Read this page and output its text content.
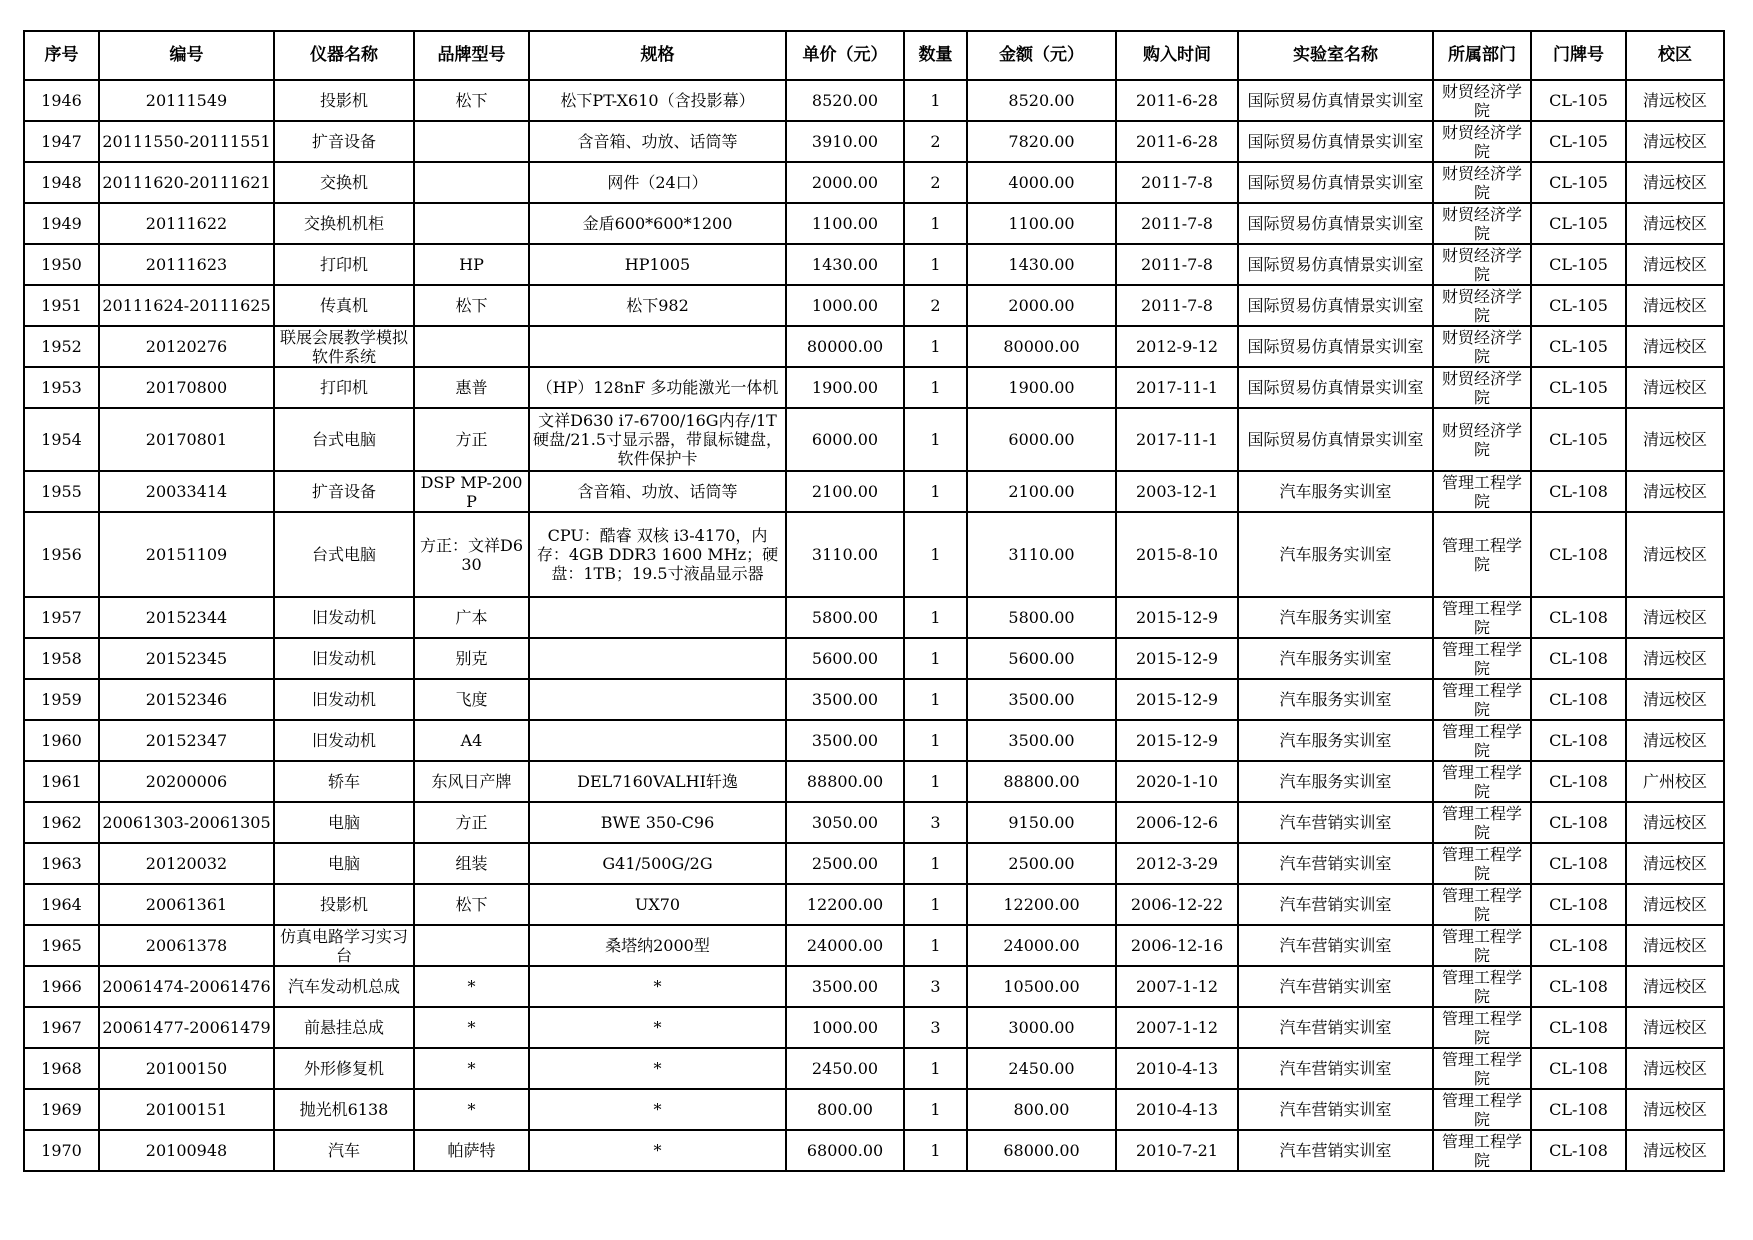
序号	编号	仪器名称	品牌型号	规格	单价（元）	数量	金额（元）	购入时间	实验室名称	所属部门	门牌号	校区
1946	20111549	投影机	松下	松下PT-X610（含投影幕）	8520.00	1	8520.00	2011-6-28	国际贸易仿真情景实训室	财贸经济学院	CL-105	清远校区
1947	20111550-20111551	扩音设备		含音箱、功放、话筒等	3910.00	2	7820.00	2011-6-28	国际贸易仿真情景实训室	财贸经济学院	CL-105	清远校区
1948	20111620-20111621	交换机		网件（24口）	2000.00	2	4000.00	2011-7-8	国际贸易仿真情景实训室	财贸经济学院	CL-105	清远校区
1949	20111622	交换机机柜		金盾600*600*1200	1100.00	1	1100.00	2011-7-8	国际贸易仿真情景实训室	财贸经济学院	CL-105	清远校区
1950	20111623	打印机	HP	HP1005	1430.00	1	1430.00	2011-7-8	国际贸易仿真情景实训室	财贸经济学院	CL-105	清远校区
1951	20111624-20111625	传真机	松下	松下982	1000.00	2	2000.00	2011-7-8	国际贸易仿真情景实训室	财贸经济学院	CL-105	清远校区
1952	20120276	联展会展教学模拟软件系统			80000.00	1	80000.00	2012-9-12	国际贸易仿真情景实训室	财贸经济学院	CL-105	清远校区
1953	20170800	打印机	惠普	（HP）128nF 多功能激光一体机	1900.00	1	1900.00	2017-11-1	国际贸易仿真情景实训室	财贸经济学院	CL-105	清远校区
1954	20170801	台式电脑	方正	文祥D630 i7-6700/16G内存/1T硬盘/21.5寸显示器，带鼠标键盘，软件保护卡	6000.00	1	6000.00	2017-11-1	国际贸易仿真情景实训室	财贸经济学院	CL-105	清远校区
1955	20033414	扩音设备	DSP MP-200P	含音箱、功放、话筒等	2100.00	1	2100.00	2003-12-1	汽车服务实训室	管理工程学院	CL-108	清远校区
1956	20151109	台式电脑	方正：文祥D630	CPU：酷睿 双核 i3-4170，内存：4GB DDR3 1600 MHz；硬盘：1TB；19.5寸液晶显示器	3110.00	1	3110.00	2015-8-10	汽车服务实训室	管理工程学院	CL-108	清远校区
1957	20152344	旧发动机	广本		5800.00	1	5800.00	2015-12-9	汽车服务实训室	管理工程学院	CL-108	清远校区
1958	20152345	旧发动机	别克		5600.00	1	5600.00	2015-12-9	汽车服务实训室	管理工程学院	CL-108	清远校区
1959	20152346	旧发动机	飞度		3500.00	1	3500.00	2015-12-9	汽车服务实训室	管理工程学院	CL-108	清远校区
1960	20152347	旧发动机	A4		3500.00	1	3500.00	2015-12-9	汽车服务实训室	管理工程学院	CL-108	清远校区
1961	20200006	轿车	东风日产牌	DEL7160VALHI轩逸	88800.00	1	88800.00	2020-1-10	汽车服务实训室	管理工程学院	CL-108	广州校区
1962	20061303-20061305	电脑	方正	BWE 350-C96	3050.00	3	9150.00	2006-12-6	汽车营销实训室	管理工程学院	CL-108	清远校区
1963	20120032	电脑	组装	G41/500G/2G	2500.00	1	2500.00	2012-3-29	汽车营销实训室	管理工程学院	CL-108	清远校区
1964	20061361	投影机	松下	UX70	12200.00	1	12200.00	2006-12-22	汽车营销实训室	管理工程学院	CL-108	清远校区
1965	20061378	仿真电路学习实习台		桑塔纳2000型	24000.00	1	24000.00	2006-12-16	汽车营销实训室	管理工程学院	CL-108	清远校区
1966	20061474-20061476	汽车发动机总成	*	*	3500.00	3	10500.00	2007-1-12	汽车营销实训室	管理工程学院	CL-108	清远校区
1967	20061477-20061479	前悬挂总成	*	*	1000.00	3	3000.00	2007-1-12	汽车营销实训室	管理工程学院	CL-108	清远校区
1968	20100150	外形修复机	*	*	2450.00	1	2450.00	2010-4-13	汽车营销实训室	管理工程学院	CL-108	清远校区
1969	20100151	抛光机6138	*	*	800.00	1	800.00	2010-4-13	汽车营销实训室	管理工程学院	CL-108	清远校区
1970	20100948	汽车	帕萨特	*	68000.00	1	68000.00	2010-7-21	汽车营销实训室	管理工程学院	CL-108	清远校区
